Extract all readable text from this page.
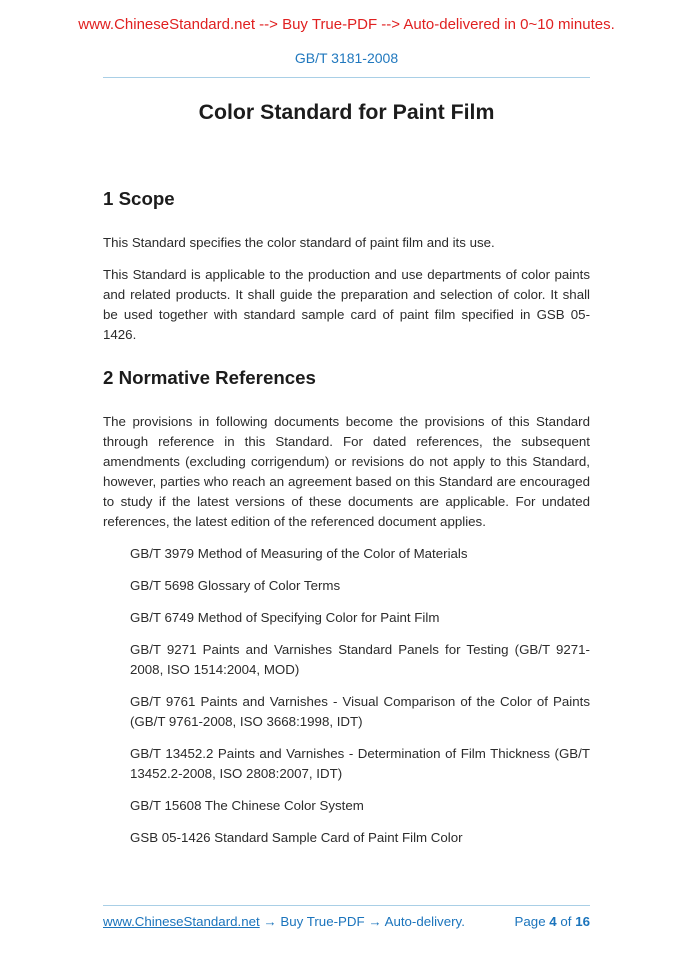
www.ChineseStandard.net --> Buy True-PDF --> Auto-delivered in 0~10 minutes.
GB/T 3181-2008
Color Standard for Paint Film
1 Scope

This Standard specifies the color standard of paint film and its use.

This Standard is applicable to the production and use departments of color paints and related products. It shall guide the preparation and selection of color. It shall be used together with standard sample card of paint film specified in GSB 05-1426.

2 Normative References

The provisions in following documents become the provisions of this Standard through reference in this Standard. For dated references, the subsequent amendments (excluding corrigendum) or revisions do not apply to this Standard, however, parties who reach an agreement based on this Standard are encouraged to study if the latest versions of these documents are applicable. For undated references, the latest edition of the referenced document applies.

GB/T 3979 Method of Measuring of the Color of Materials

GB/T 5698 Glossary of Color Terms

GB/T 6749 Method of Specifying Color for Paint Film

GB/T 9271 Paints and Varnishes Standard Panels for Testing (GB/T 9271-2008, ISO 1514:2004, MOD)

GB/T 9761 Paints and Varnishes - Visual Comparison of the Color of Paints (GB/T 9761-2008, ISO 3668:1998, IDT)

GB/T 13452.2 Paints and Varnishes - Determination of Film Thickness (GB/T 13452.2-2008, ISO 2808:2007, IDT)

GB/T 15608 The Chinese Color System

GSB 05-1426 Standard Sample Card of Paint Film Color

www.ChineseStandard.net → Buy True-PDF → Auto-delivery.	Page 4 of 16
